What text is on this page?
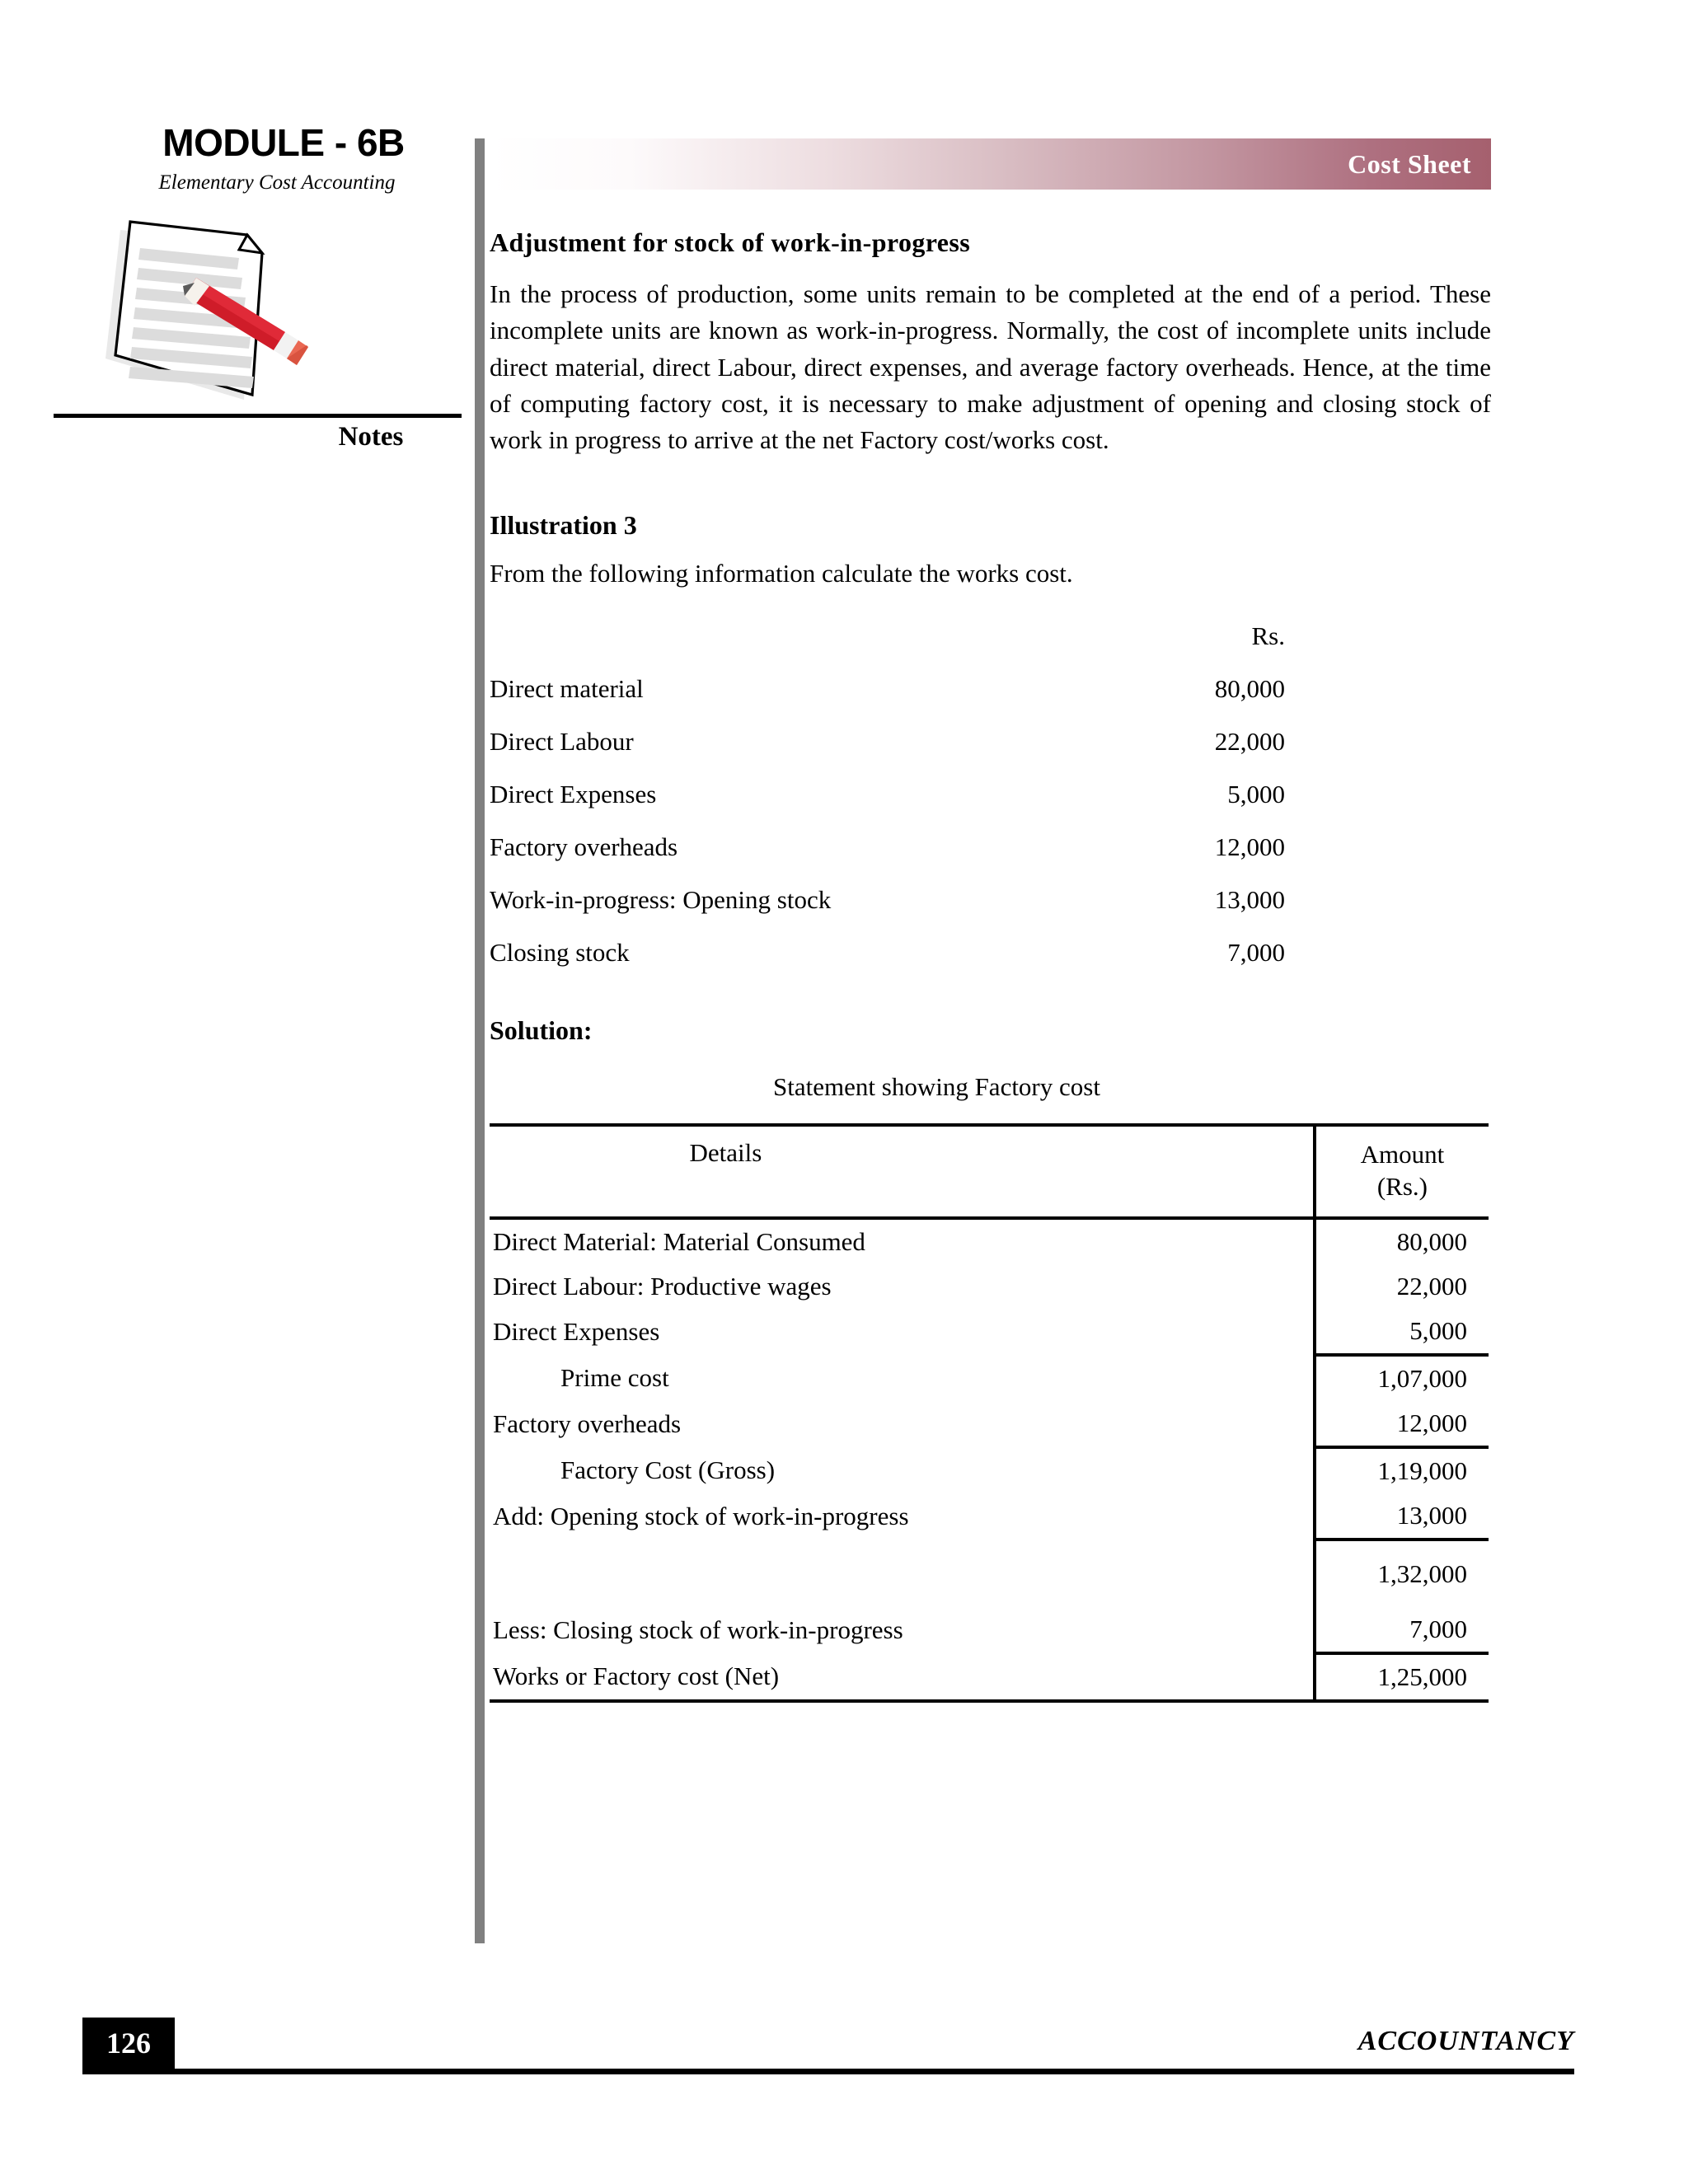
MODULE - 6B
Elementary Cost Accounting
Notes
Cost Sheet
Adjustment for stock of work-in-progress
In the process of production, some units remain to be completed at the end of a period. These incomplete units are known as work-in-progress. Normally, the cost of incomplete units include direct material, direct Labour, direct expenses, and average factory overheads. Hence, at the time of computing factory cost, it is necessary to make adjustment of opening and closing stock of work in progress to arrive at the net Factory cost/works cost.
Illustration 3
From the following information calculate the works cost.
Rs.
Direct material	80,000
Direct Labour	22,000
Direct Expenses	5,000
Factory overheads	12,000
Work-in-progress: Opening stock	13,000
Closing stock	7,000
Solution:
Statement showing Factory cost
Details	Amount
(Rs.)

Direct Material: Material Consumed	80,000
Direct Labour: Productive wages	22,000
Direct Expenses	5,000
Prime cost	1,07,000
Factory overheads	12,000
Factory Cost (Gross)	1,19,000
Add: Opening stock of work-in-progress	13,000
	1,32,000
Less: Closing stock of work-in-progress	7,000
Works or Factory cost (Net)	1,25,000
126	ACCOUNTANCY
